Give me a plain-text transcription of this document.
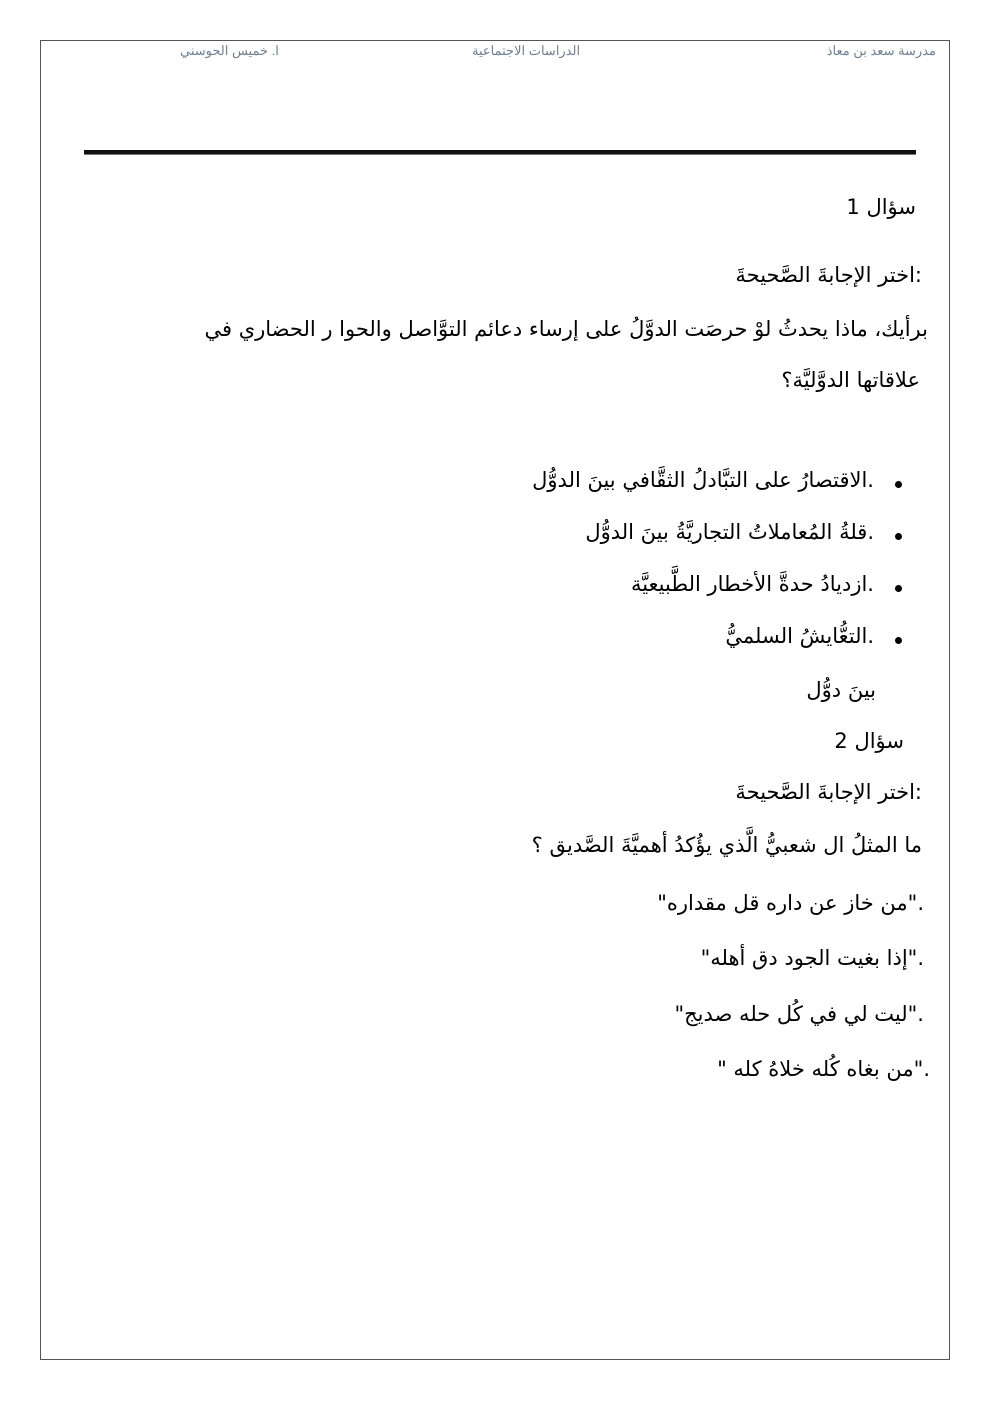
مدرسة سعد بن معاذ
الدراسات الاجتماعية
ا. خميس الحوسني
سؤال 1
:اختر الإجابةَ الصَّحيحةَ
برأيك، ماذا يحدثُ لوْ حرصَت الدوَّلُ على إرساء دعائم التوَّاصل والحوا ر الحضاري في
علاقاتها الدوَّليَّة؟
.الاقتصارُ على التبَّادلُ الثقَّافي بينَ الدوُّل
.قلةُ المُعاملاتُ التجاريَّةُ بينَ الدوُّل
.ازديادُ حدةَّ الأخطار الطَّبيعيَّة
.التعُّايشُ السلميُّ
بينَ دوُّل
سؤال 2
:اختر الإجابةَ الصَّحيحةَ
ما المثلُ ال شعبيُّ الَّذي يؤُكدُ أهميَّةَ الصَّديق ؟
."من خاز عن داره قل مقداره"
."إذا بغيت الجود دق أهله"
."ليت لي في كُل حله صديج"
."من بغاه كُله خلاهُ كله "
